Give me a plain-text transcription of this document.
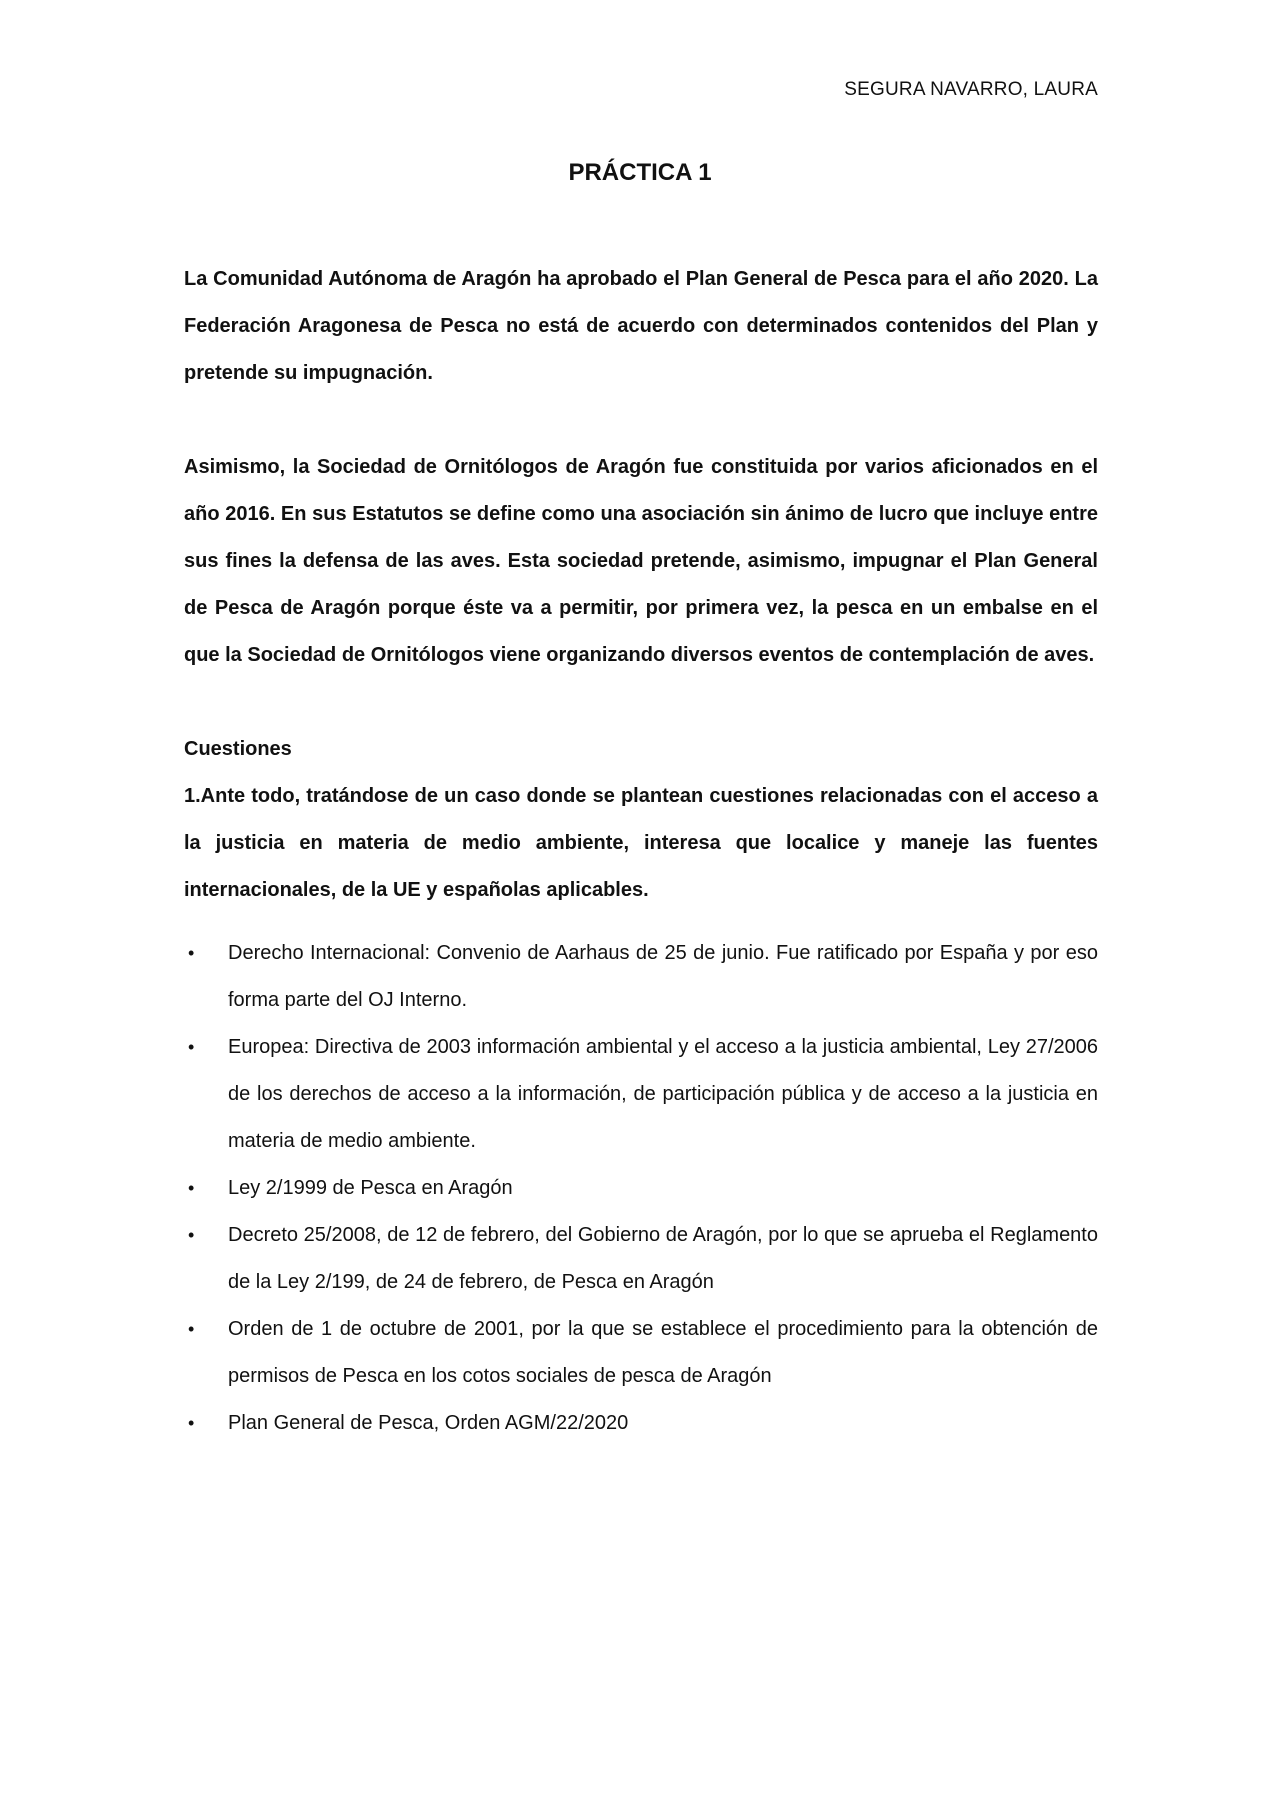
SEGURA NAVARRO, LAURA
PRÁCTICA 1

La Comunidad Autónoma de Aragón ha aprobado el Plan General de Pesca para el año 2020. La Federación Aragonesa de Pesca no está de acuerdo con determinados contenidos del Plan y pretende su impugnación.

Asimismo, la Sociedad de Ornitólogos de Aragón fue constituida por varios aficionados en el año 2016. En sus Estatutos se define como una asociación sin ánimo de lucro que incluye entre sus fines la defensa de las aves. Esta sociedad pretende, asimismo, impugnar el Plan General de Pesca de Aragón porque éste va a permitir, por primera vez, la pesca en un embalse en el que la Sociedad de Ornitólogos viene organizando diversos eventos de contemplación de aves.

Cuestiones

1.Ante todo, tratándose de un caso donde se plantean cuestiones relacionadas con el acceso a la justicia en materia de medio ambiente, interesa que localice y maneje las fuentes internacionales, de la UE y españolas aplicables.

• Derecho Internacional: Convenio de Aarhaus de 25 de junio. Fue ratificado por España y por eso forma parte del OJ Interno.
• Europea: Directiva de 2003 información ambiental y el acceso a la justicia ambiental, Ley 27/2006 de los derechos de acceso a la información, de participación pública y de acceso a la justicia en materia de medio ambiente.
• Ley 2/1999 de Pesca en Aragón
• Decreto 25/2008, de 12 de febrero, del Gobierno de Aragón, por lo que se aprueba el Reglamento de la Ley 2/199, de 24 de febrero, de Pesca en Aragón
• Orden de 1 de octubre de 2001, por la que se establece el procedimiento para la obtención de permisos de Pesca en los cotos sociales de pesca de Aragón
• Plan General de Pesca, Orden AGM/22/2020
